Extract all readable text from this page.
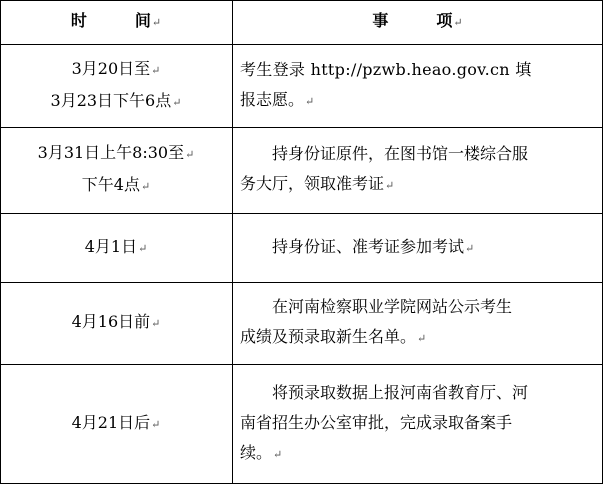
时　　　间↵	事　　　项↵
3月20日至↵
3月23日下午6点↵
考生登录 http://pzwb.heao.gov.cn 填
报志愿。↵
3月31日上午8:30至↵
下午4点↵
持身份证原件，在图书馆一楼综合服
务大厅，领取准考证↵
4月1日↵	持身份证、准考证参加考试↵
4月16日前↵
在河南检察职业学院网站公示考生
成绩及预录取新生名单。↵
4月21日后↵
将预录取数据上报河南省教育厅、河
南省招生办公室审批，完成录取备案手
续。↵
